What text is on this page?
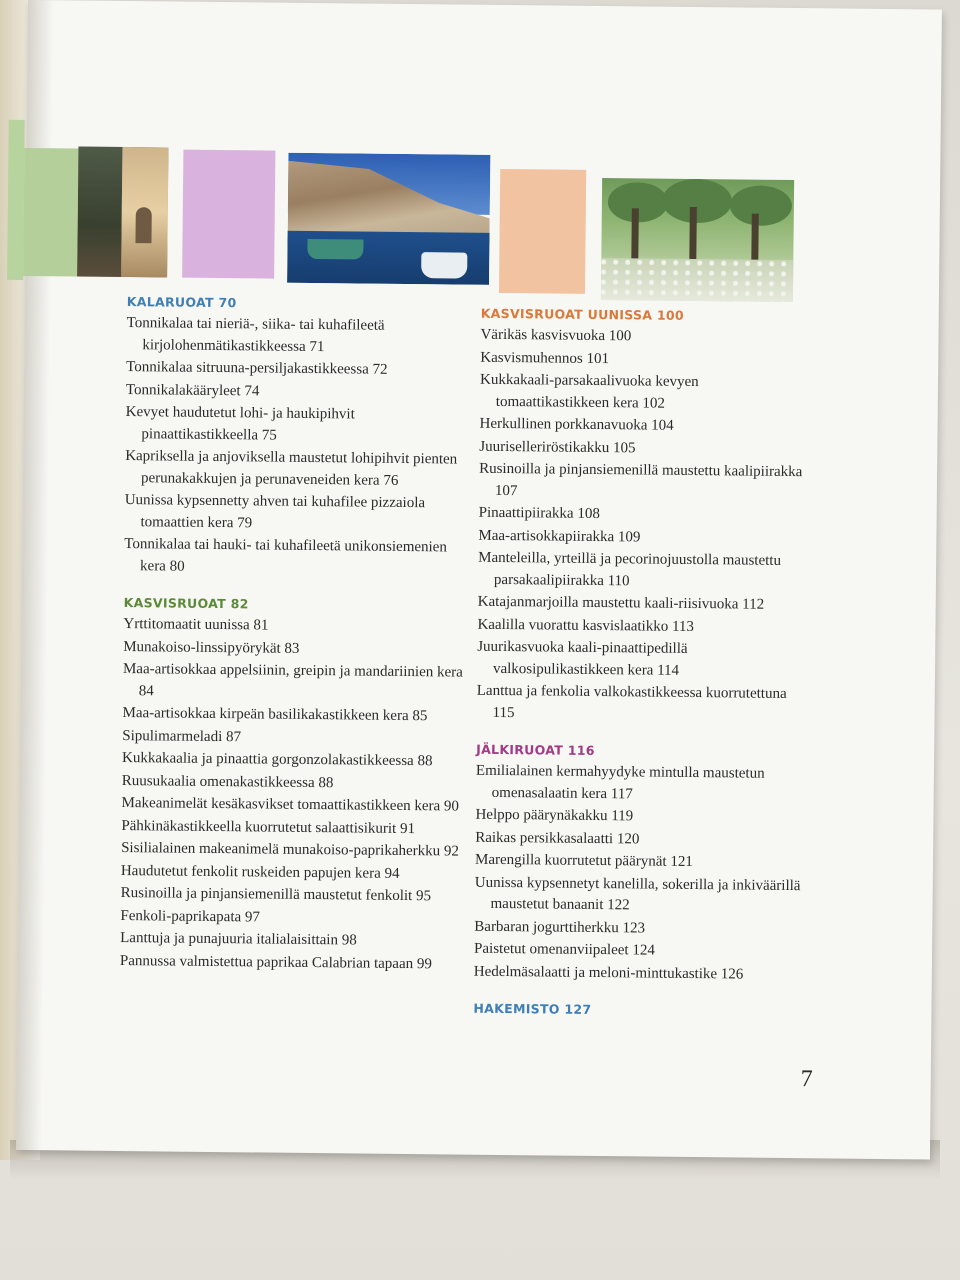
KALARUOAT 70
Tonnikalaa tai nieriä-, siika- tai kuhafileetä kirjolohenmätikastikkeessa 71
Tonnikalaa sitruuna-persiljakastikkeessa 72
Tonnikalakääryleet 74
Kevyet haudutetut lohi- ja haukipihvit pinaattikastikkeella 75
Kapriksella ja anjoviksella maustetut lohipihvit pienten perunakakkujen ja perunaveneiden kera 76
Uunissa kypsennetty ahven tai kuhafilee pizzaiola tomaattien kera 79
Tonnikalaa tai hauki- tai kuhafileetä unikonsiemenien kera 80
KASVISRUOAT 82
Yrttitomaatit uunissa 81
Munakoiso-linssipyörykät 83
Maa-artisokkaa appelsiinin, greipin ja mandariinien kera 84
Maa-artisokkaa kirpeän basilikakastikkeen kera 85
Sipulimarmeladi 87
Kukkakaalia ja pinaattia gorgonzolakastikkeessa 88
Ruusukaalia omenakastikkeessa 88
Makeanimelät kesäkasvikset tomaattikastikkeen kera 90
Pähkinäkastikkeella kuorrutetut salaattisikurit 91
Sisilialainen makeanimelä munakoiso-paprikaherkku 92
Haudutetut fenkolit ruskeiden papujen kera 94
Rusinoilla ja pinjansiemenillä maustetut fenkolit 95
Fenkoli-paprikapata 97
Lanttuja ja punajuuria italialaisittain 98
Pannussa valmistettua paprikaa Calabrian tapaan 99
KASVISRUOAT UUNISSA 100
Värikäs kasvisvuoka 100
Kasvismuhennos 101
Kukkakaali-parsakaalivuoka kevyen tomaattikastikkeen kera 102
Herkullinen porkkanavuoka 104
Juuriselleriröstikakku 105
Rusinoilla ja pinjansiemenillä maustettu kaalipiirakka 107
Pinaattipiirakka 108
Maa-artisokkapiirakka 109
Manteleilla, yrteillä ja pecorinojuustolla maustettu parsakaalipiirakka 110
Katajanmarjoilla maustettu kaali-riisivuoka 112
Kaalilla vuorattu kasvislaatikko 113
Juurikasvuoka kaali-pinaattipedillä valkosipulikastikkeen kera 114
Lanttua ja fenkolia valkokastikkeessa kuorrutettuna 115
JÄLKIRUOAT 116
Emilialainen kermahyydyke mintulla maustetun omenasalaatin kera 117
Helppo päärynäkakku 119
Raikas persikkasalaatti 120
Marengilla kuorrutetut päärynät 121
Uunissa kypsennetyt kanelilla, sokerilla ja inkiväärillä maustetut banaanit 122
Barbaran jogurttiherkku 123
Paistetut omenanviipaleet 124
Hedelmäsalaatti ja meloni-minttukastike 126
HAKEMISTO 127
7
